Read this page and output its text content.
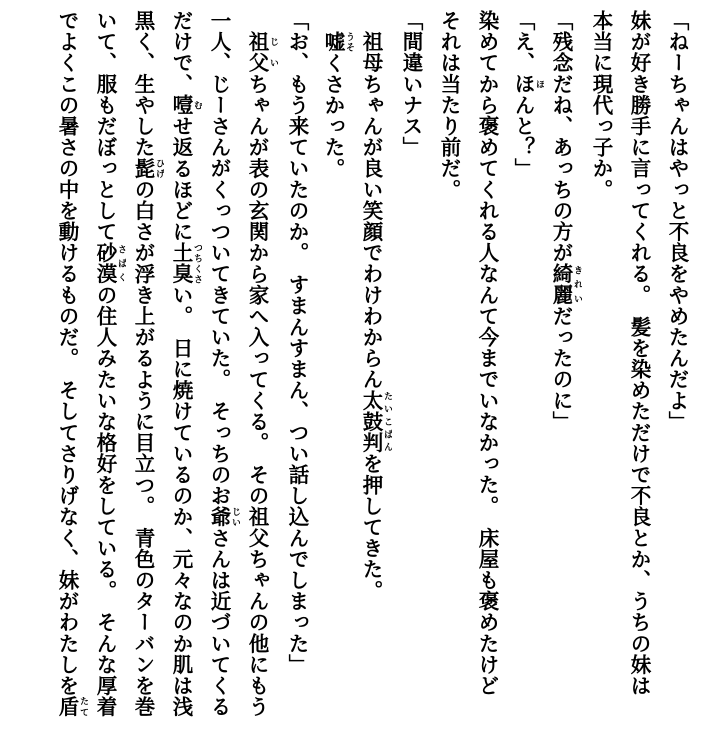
「ねーちゃんはやっと不良をやめたんだよ」
妹が好き勝手に言ってくれる。　髪を染めただけで不良とか、うちの妹は
本当に現代っ子か。
「残念だね、あっちの方が綺麗 きれいだったのに」
「え、ほ ほんと？」
染めてから褒めてくれる人なんて今までいなかった。　床屋も褒めたけど
それは当たり前だ。
「間違いナス」
　祖母ちゃんが良い笑顔でわけわからん太鼓判 たいこばんを押してきた。
　嘘 うそくさかった。
「お、もう来ていたのか。　すまんすまん、つい話し込んでしまった」
　祖父 じいちゃんが表の玄関から家へ入ってくる。　その祖父ちゃんの他にもう
一人、じーさんがくっついてきていた。　そっちのお爺 じいさんは近づいてくる
だけで、噎 むせ返るほどに土臭 つちくさい。　日に焼けているのか、元々なのか肌は浅
黒く、生やした髭 ひげの白さが浮き上がるように目立つ。　青色のターバンを巻
いて、服もだぼっとして砂漠 さばくの住人みたいな格好をしている。　そんな厚着
でよくこの暑さの中を動けるものだ。　そしてさりげなく、妹がわたしを盾 たて
